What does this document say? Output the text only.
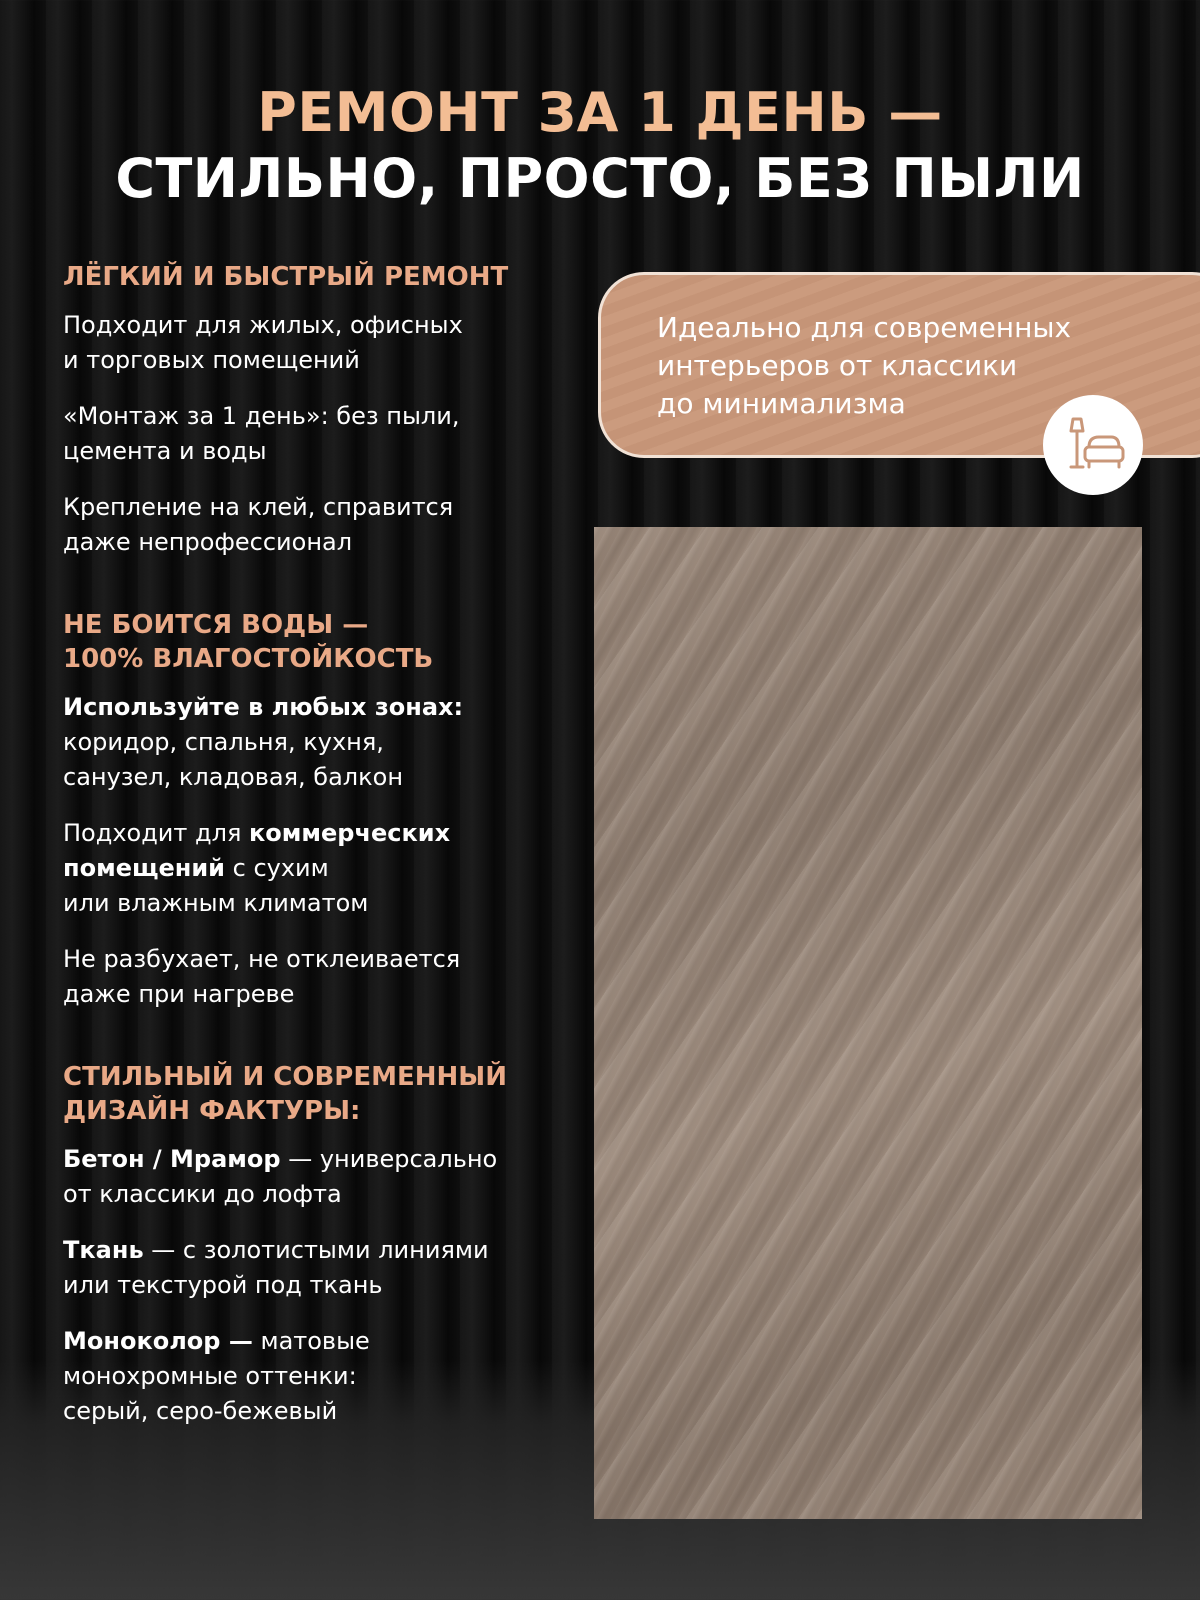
РЕМОНТ ЗА 1 ДЕНЬ —
СТИЛЬНО, ПРОСТО, БЕЗ ПЫЛИ
ЛЁГКИЙ И БЫСТРЫЙ РЕМОНТ
Подходит для жилых, офисных
и торговых помещений
«Монтаж за 1 день»: без пыли,
цемента и воды
Крепление на клей, справится
даже непрофессионал
НЕ БОИТСЯ ВОДЫ —
100% ВЛАГОСТОЙКОСТЬ
Используйте в любых зонах:
коридор, спальня, кухня,
санузел, кладовая, балкон
Подходит для коммерческих
помещений с сухим
или влажным климатом
Не разбухает, не отклеивается
даже при нагреве
СТИЛЬНЫЙ И СОВРЕМЕННЫЙ
ДИЗАЙН ФАКТУРЫ:
Бетон / Мрамор — универсально
от классики до лофта
Ткань — с золотистыми линиями
или текстурой под ткань
Моноколор — матовые
монохромные оттенки:
серый, серо-бежевый
Идеально для современных
интерьеров от классики
до минимализма
